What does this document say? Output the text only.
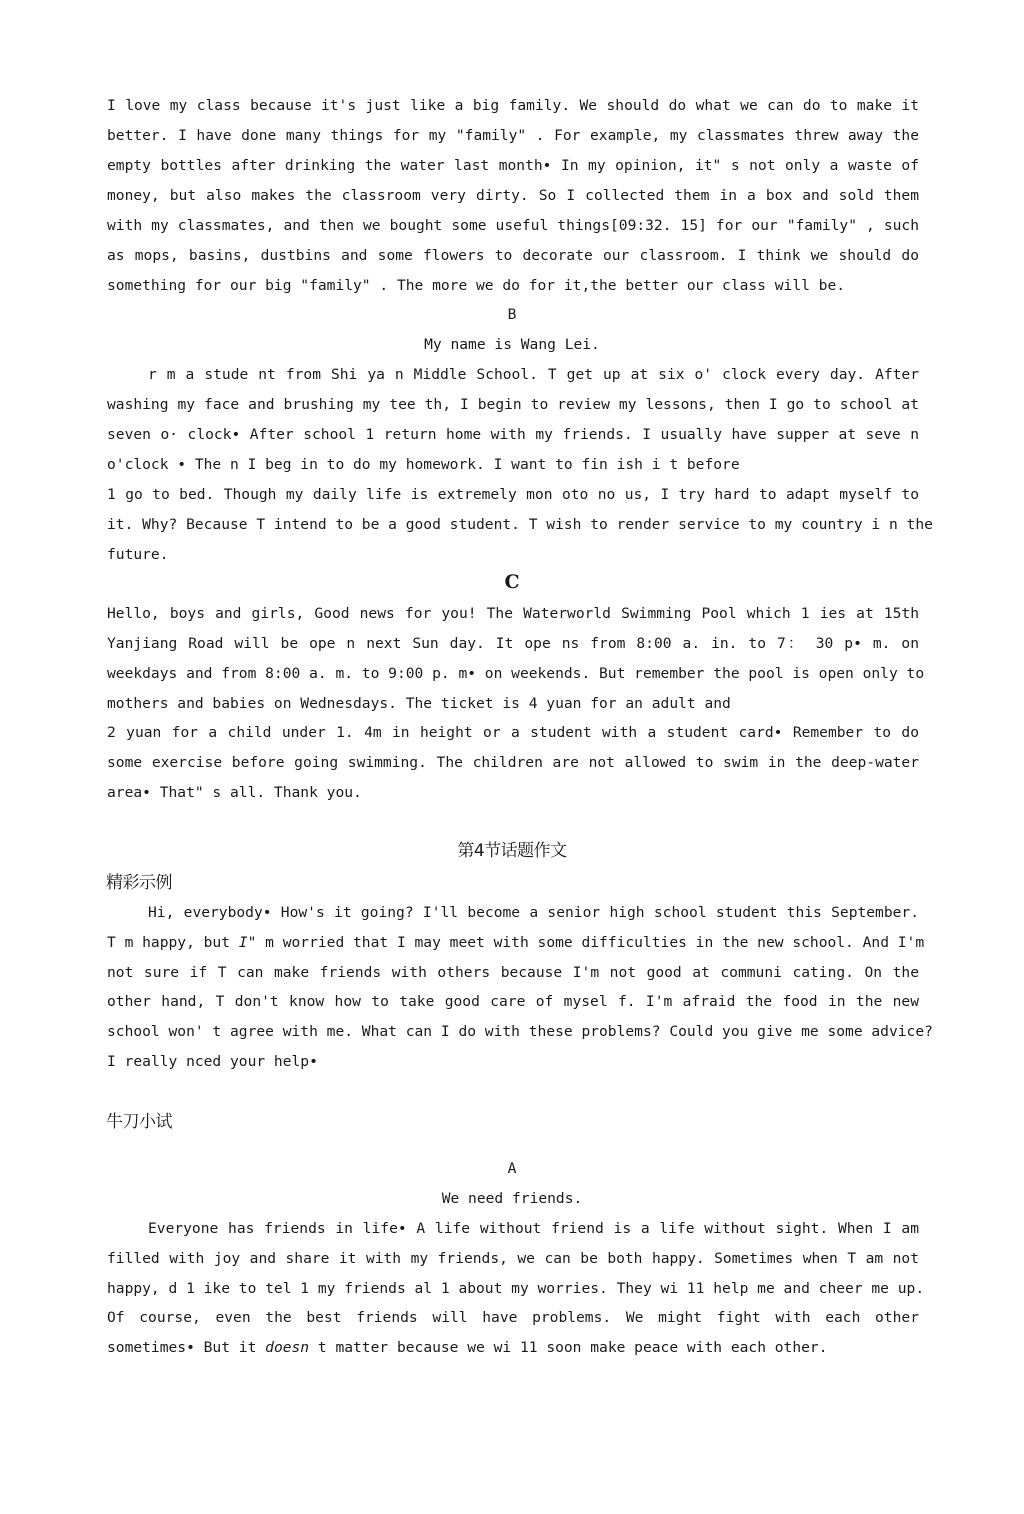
I love my class because it's just like a big family. We should do what we can do to make it
better. I have done many things for my "family" . For example, my classmates threw away the
empty bottles after drinking the water last month• In my opinion, it" s not only a waste of
money, but also makes the classroom very dirty. So I collected them in a box and sold them
with my classmates, and then we bought some useful things[09:32. 15] for our "family" , such
as mops, basins, dustbins and some flowers to decorate our classroom. I think we should do
something for our big "family" . The more we do for it,the better our class will be.
B
My name is Wang Lei.
r m a stude nt from Shi ya n Middle School. T get up at six o' clock every day. After
washing my face and brushing my tee th, I begin to review my lessons, then I go to school at
seven o· clock• After school 1 return home with my friends. I usually have supper at seve n
o'clock • The n I beg in to do my homework. I want to fin ish i t before
1 go to bed. Though my daily life is extremely mon oto no us, I try hard to adapt myself to
it. Why? Because T intend to be a good student. T wish to render service to my country i n the
future.
C
Hello, boys and girls, Good news for you! The Waterworld Swimming Pool which 1 ies at 15th
Yanjiang Road will be ope n next Sun day. It ope ns from 8:00 a. in. to 7： 30 p• m. on
weekdays and from 8:00 a. m. to 9:00 p. m• on weekends. But remember the pool is open only to
mothers and babies on Wednesdays. The ticket is 4 yuan for an adult and
2 yuan for a child under 1. 4m in height or a student with a student card• Remember to do
some exercise before going swimming. The children are not allowed to swim in the deep-water
area• That" s all. Thank you.
第4节话题作文
精彩示例
Hi, everybody• How's it going? I'll become a senior high school student this September.
T m happy, but I" m worried that I may meet with some difficulties in the new school. And I'm
not sure if T can make friends with others because I'm not good at communi cating. On the
other hand, T don't know how to take good care of mysel f. I'm afraid the food in the new
school won' t agree with me. What can I do with these problems? Could you give me some advice?
I really nced your help•
牛刀小试
A
We need friends.
Everyone has friends in life• A life without friend is a life without sight. When I am
filled with joy and share it with my friends, we can be both happy. Sometimes when T am not
happy, d 1 ike to tel 1 my friends al 1 about my worries. They wi 11 help me and cheer me up.
Of course, even the best friends will have problems. We might fight with each other
sometimes• But it doesn t matter because we wi 11 soon make peace with each other.
